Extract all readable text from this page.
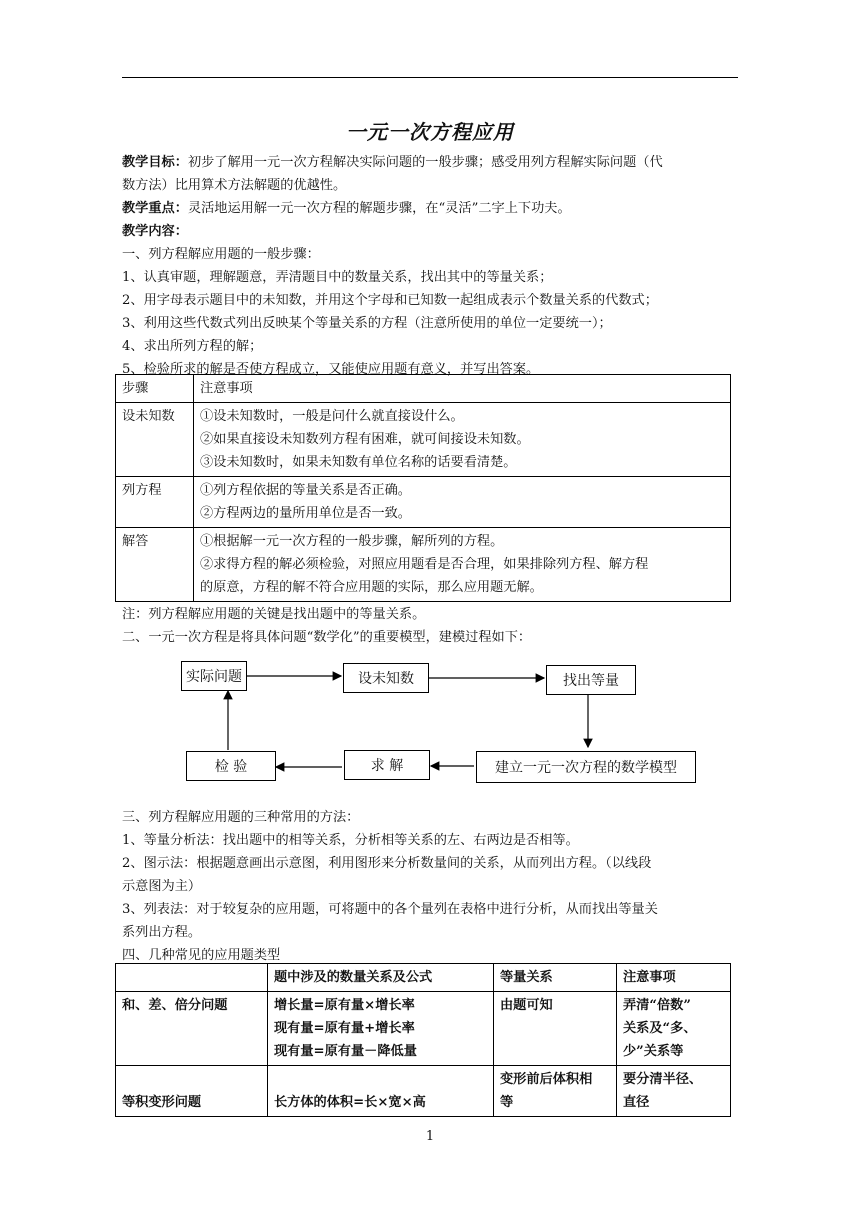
一元一次方程应用
教学目标：初步了解用一元一次方程解决实际问题的一般步骤；感受用列方程解实际问题（代
数方法）比用算术方法解题的优越性。
教学重点：灵活地运用解一元一次方程的解题步骤，在“灵活”二字上下功夫。
教学内容：
一、列方程解应用题的一般步骤：
1、认真审题，理解题意，弄清题目中的数量关系，找出其中的等量关系；
2、用字母表示题目中的未知数，并用这个字母和已知数一起组成表示个数量关系的代数式；
3、利用这些代数式列出反映某个等量关系的方程（注意所使用的单位一定要统一）；
4、求出所列方程的解；
5、检验所求的解是否使方程成立，又能使应用题有意义，并写出答案。
步骤	注意事项
设未知数	①设未知数时，一般是问什么就直接设什么。
②如果直接设未知数列方程有困难，就可间接设未知数。
③设未知数时，如果未知数有单位名称的话要看清楚。

列方程	①列方程依据的等量关系是否正确。
②方程两边的量所用单位是否一致。

解答	①根据解一元一次方程的一般步骤，解所列的方程。
②求得方程的解必须检验，对照应用题看是否合理，如果排除列方程、解方程
的原意，方程的解不符合应用题的实际，那么应用题无解。
注：列方程解应用题的关键是找出题中的等量关系。
二、一元一次方程是将具体问题“数学化”的重要模型，建模过程如下：
实际问题	设未知数	找出等量
建立一元一次方程的数学模型
求 解
检 验
三、列方程解应用题的三种常用的方法：
1、等量分析法：找出题中的相等关系，分析相等关系的左、右两边是否相等。
2、图示法：根据题意画出示意图，利用图形来分析数量间的关系，从而列出方程。（以线段
示意图为主）
3、列表法：对于较复杂的应用题，可将题中的各个量列在表格中进行分析，从而找出等量关
系列出方程。
四、几种常见的应用题类型
	题中涉及的数量关系及公式	等量关系	注意事项
和、差、倍分问题	增长量=原有量×增长率
现有量=原有量+增长率
现有量=原有量－降低量	由题可知	弄清“倍数”
关系及“多、
少”关系等

等积变形问题	长方体的体积=长×宽×高	变形前后体积相
等	要分清半径、
直径
1
